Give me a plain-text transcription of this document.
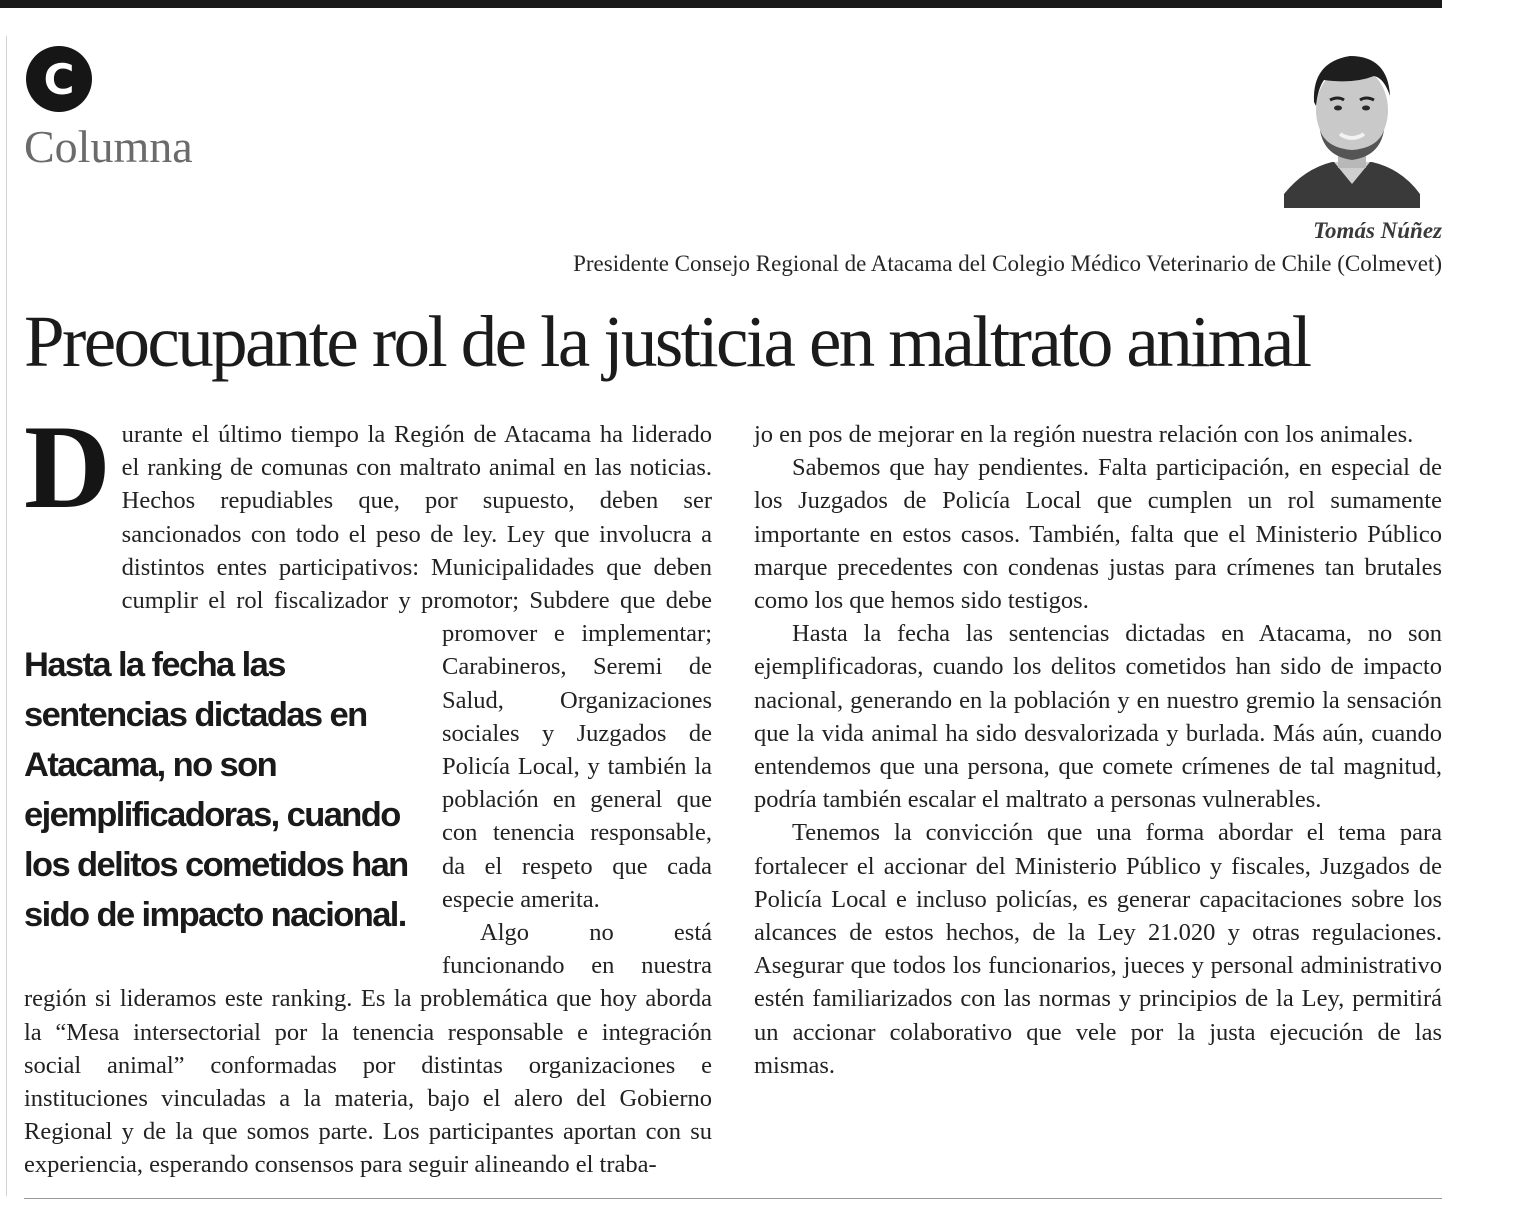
C
Columna
Tomás Núñez
Presidente Consejo Regional de Atacama del Colegio Médico Veterinario de Chile (Colmevet)
Preocupante rol de la justicia en maltrato animal
D
Hasta la fecha las sentencias dictadas en Atacama, no son ejemplificadoras, cuando los delitos cometidos han sido de impacto nacional.

urante el último tiempo la Región de Atacama ha liderado el ranking de comunas con maltrato animal en las noticias. Hechos repudiables que, por supuesto, deben ser sancionados con todo el peso de ley. Ley que involucra a distintos entes participativos: Municipalidades que deben cumplir el rol fiscalizador y promotor; Subdere que debe promover e implementar; Carabineros, Seremi de Salud, Organizaciones sociales y Juzgados de Policía Local, y también la población en general que con tenencia responsable, da el respeto que cada especie amerita.

Algo no está funcionando en nuestra región si lideramos este ranking. Es la problemática que hoy aborda la “Mesa intersectorial por la tenencia responsable e integración social animal” conformadas por distintas organizaciones e instituciones vinculadas a la materia, bajo el alero del Gobierno Regional y de la que somos parte. Los participantes aportan con su experiencia, esperando consensos para seguir alineando el traba-

jo en pos de mejorar en la región nuestra relación con los animales.

Sabemos que hay pendientes. Falta participación, en especial de los Juzgados de Policía Local que cumplen un rol sumamente importante en estos casos. También, falta que el Ministerio Público marque precedentes con condenas justas para crímenes tan brutales como los que hemos sido testigos.

Hasta la fecha las sentencias dictadas en Atacama, no son ejemplificadoras, cuando los delitos cometidos han sido de impacto nacional, generando en la población y en nuestro gremio la sensación que la vida animal ha sido desvalorizada y burlada. Más aún, cuando entendemos que una persona, que comete crímenes de tal magnitud, podría también escalar el maltrato a personas vulnerables.

Tenemos la convicción que una forma abordar el tema para fortalecer el accionar del Ministerio Público y fiscales, Juzgados de Policía Local e incluso policías, es generar capacitaciones sobre los alcances de estos hechos, de la Ley 21.020 y otras regulaciones. Asegurar que todos los funcionarios, jueces y personal administrativo estén familiarizados con las normas y principios de la Ley, permitirá un accionar colaborativo que vele por la justa ejecución de las mismas.
